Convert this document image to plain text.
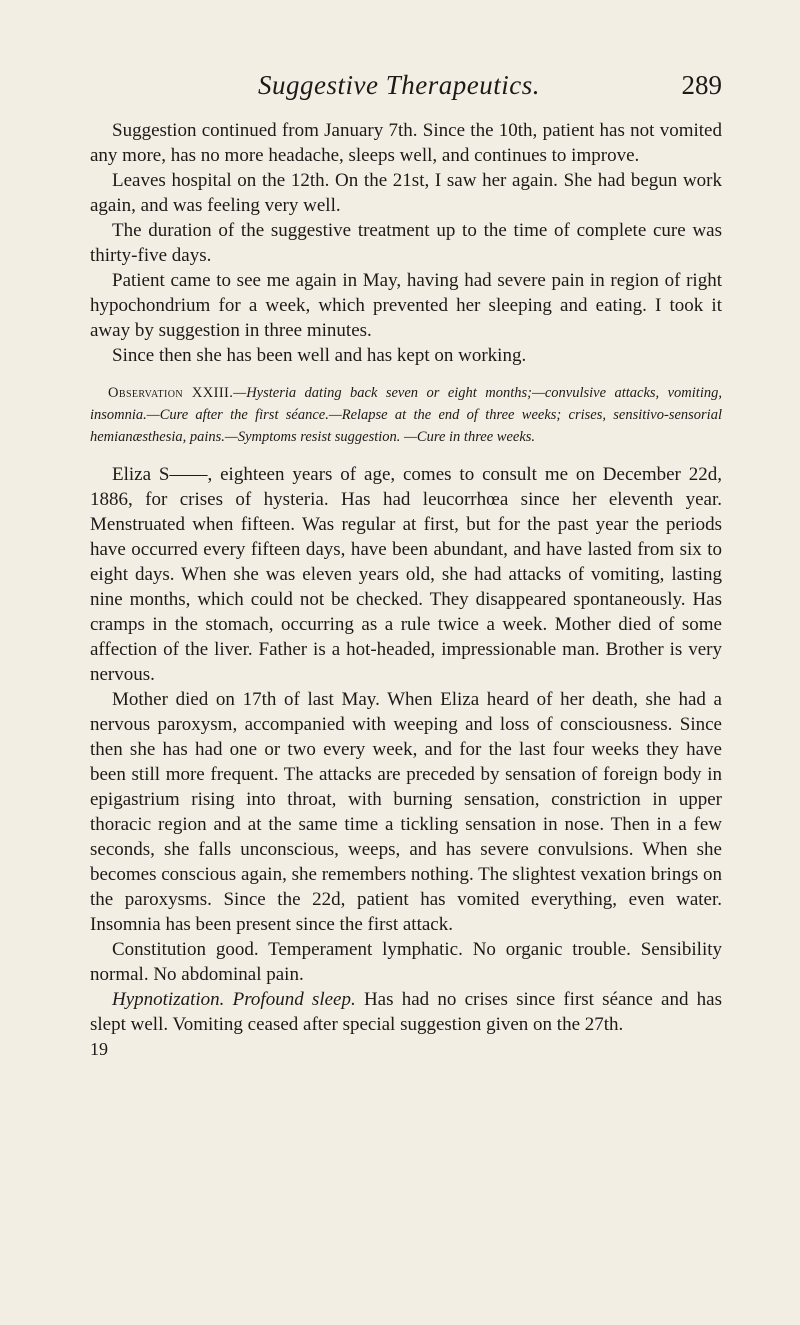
Suggestive Therapeutics.	289

Suggestion continued from January 7th. Since the 10th, patient has not vomited any more, has no more headache, sleeps well, and continues to improve.

Leaves hospital on the 12th. On the 21st, I saw her again. She had begun work again, and was feeling very well.

The duration of the suggestive treatment up to the time of complete cure was thirty-five days.

Patient came to see me again in May, having had severe pain in region of right hypochondrium for a week, which prevented her sleeping and eating. I took it away by suggestion in three minutes.

Since then she has been well and has kept on working.

Observation XXIII.—Hysteria dating back seven or eight months;—convulsive attacks, vomiting, insomnia.—Cure after the first séance.—Relapse at the end of three weeks; crises, sensitivo-sensorial hemianæsthesia, pains.—Symptoms resist suggestion. —Cure in three weeks.

Eliza S——, eighteen years of age, comes to consult me on December 22d, 1886, for crises of hysteria. Has had leucorrhœa since her eleventh year. Menstruated when fifteen. Was regular at first, but for the past year the periods have occurred every fifteen days, have been abundant, and have lasted from six to eight days. When she was eleven years old, she had attacks of vomiting, lasting nine months, which could not be checked. They disappeared spontaneously. Has cramps in the stomach, occurring as a rule twice a week. Mother died of some affection of the liver. Father is a hot-headed, impressionable man. Brother is very nervous.

Mother died on 17th of last May. When Eliza heard of her death, she had a nervous paroxysm, accompanied with weeping and loss of consciousness. Since then she has had one or two every week, and for the last four weeks they have been still more frequent. The attacks are preceded by sensation of foreign body in epigastrium rising into throat, with burning sensation, constriction in upper thoracic region and at the same time a tickling sensation in nose. Then in a few seconds, she falls unconscious, weeps, and has severe convulsions. When she becomes conscious again, she remembers nothing. The slightest vexation brings on the paroxysms. Since the 22d, patient has vomited everything, even water. Insomnia has been present since the first attack.

Constitution good. Temperament lymphatic. No organic trouble. Sensibility normal. No abdominal pain.

Hypnotization. Profound sleep. Has had no crises since first séance and has slept well. Vomiting ceased after special suggestion given on the 27th.

19
